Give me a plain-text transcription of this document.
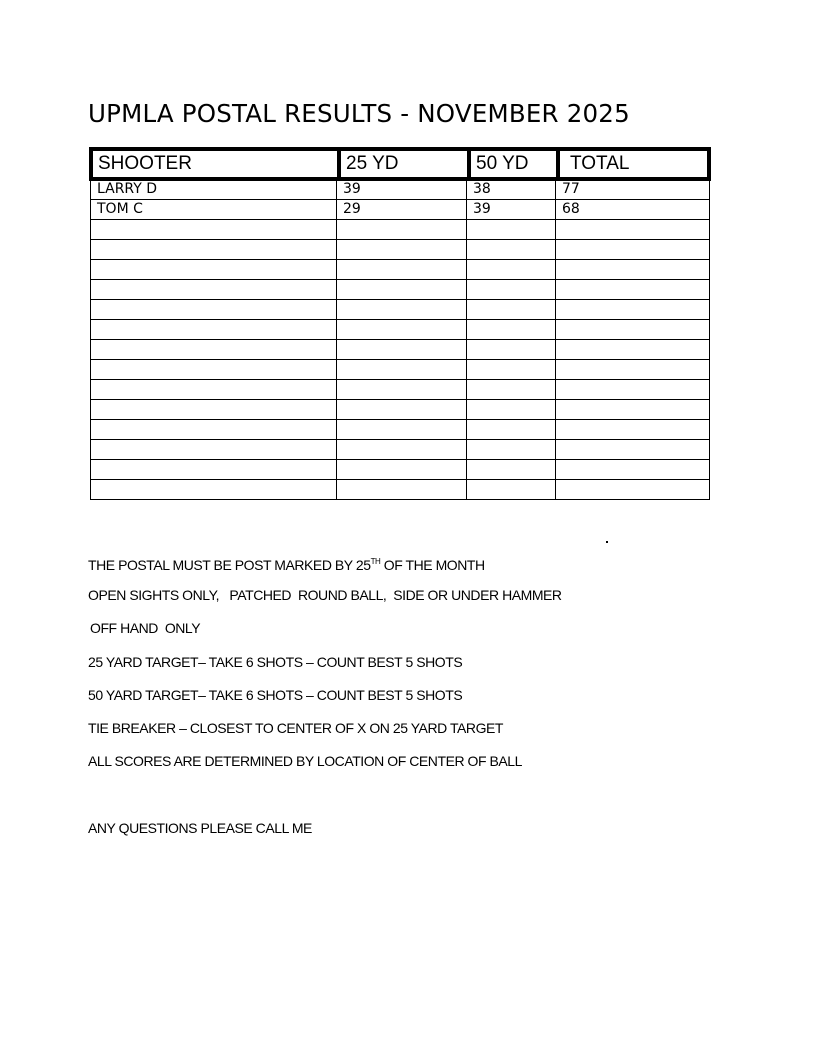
UPMLA POSTAL RESULTS - NOVEMBER 2025
SHOOTER	25 YD	50 YD	TOTAL
LARRY D	39	38	77
TOM C	29	39	68
THE POSTAL MUST BE POST MARKED BY 25TH OF THE MONTH
OPEN SIGHTS ONLY,   PATCHED  ROUND BALL,  SIDE OR UNDER HAMMER
OFF HAND  ONLY
25 YARD TARGET– TAKE 6 SHOTS – COUNT BEST 5 SHOTS
50 YARD TARGET– TAKE 6 SHOTS – COUNT BEST 5 SHOTS
TIE BREAKER – CLOSEST TO CENTER OF X ON 25 YARD TARGET
ALL SCORES ARE DETERMINED BY LOCATION OF CENTER OF BALL
ANY QUESTIONS PLEASE CALL ME
